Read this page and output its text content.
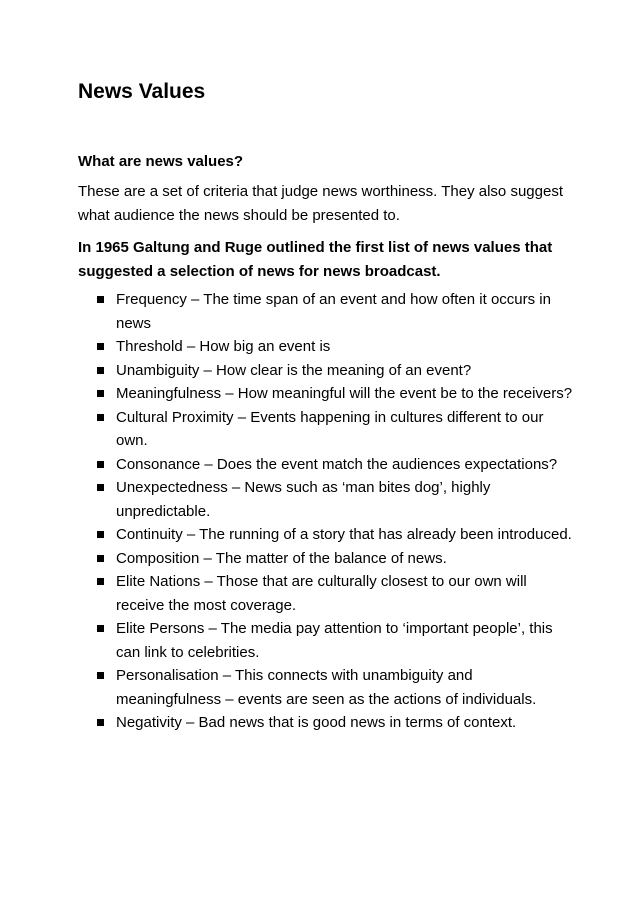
News Values

What are news values?

These are a set of criteria that judge news worthiness. They also suggest what audience the news should be presented to.

In 1965 Galtung and Ruge outlined the first list of news values that suggested a selection of news for news broadcast.

Frequency – The time span of an event and how often it occurs in news
Threshold – How big an event is
Unambiguity – How clear is the meaning of an event?
Meaningfulness – How meaningful will the event be to the receivers?
Cultural Proximity – Events happening in cultures different to our own.
Consonance – Does the event match the audiences expectations?
Unexpectedness – News such as ‘man bites dog’, highly unpredictable.
Continuity – The running of a story that has already been introduced.
Composition – The matter of the balance of news.
Elite Nations – Those that are culturally closest to our own will receive the most coverage.
Elite Persons – The media pay attention to ‘important people’, this can link to celebrities.
Personalisation – This connects with unambiguity and meaningfulness – events are seen as the actions of individuals.
Negativity – Bad news that is good news in terms of context.
